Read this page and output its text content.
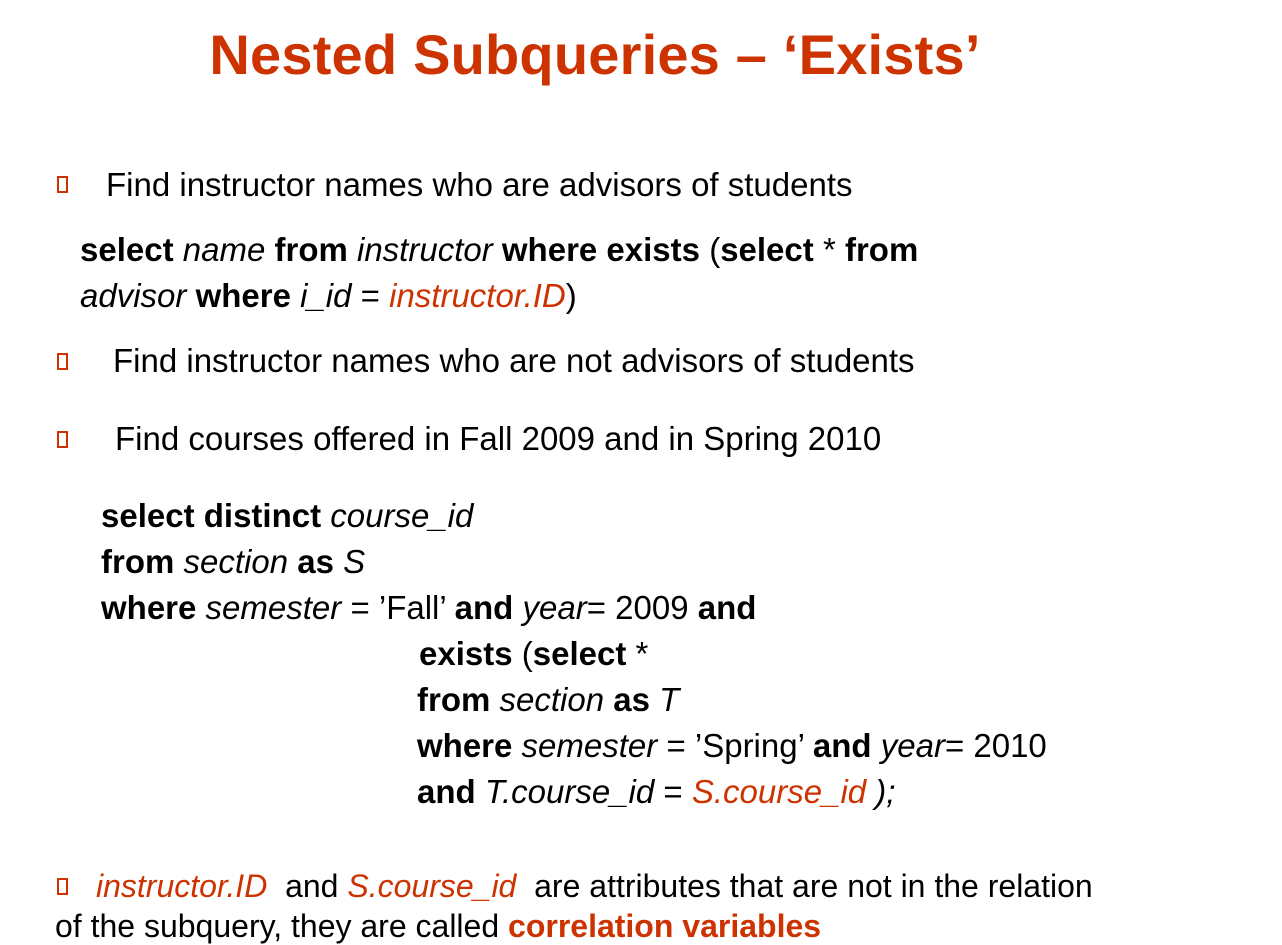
Nested Subqueries – ‘Exists’
Find instructor names who are advisors of students
select name from instructor where exists (select * from
advisor where i_id = instructor.ID)
Find instructor names who are not advisors of students
Find courses offered in Fall 2009 and in Spring 2010
select distinct course_id
from section as S
where semester = ’Fall’ and year= 2009 and
exists (select *
from section as T
where semester = ’Spring’ and year= 2010
and T.course_id = S.course_id );
instructor.ID and S.course_id are attributes that are not in the relation
of the subquery, they are called correlation variables
